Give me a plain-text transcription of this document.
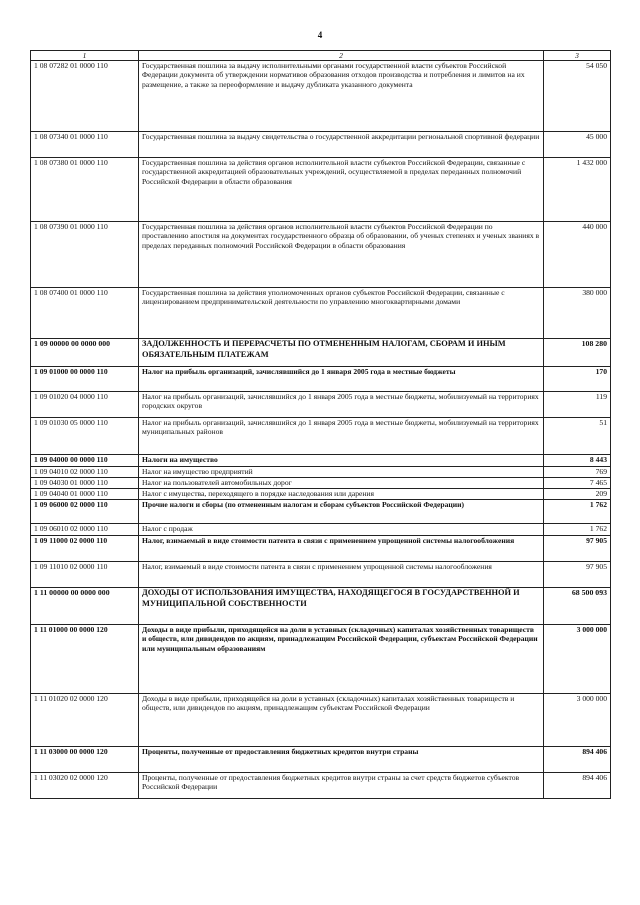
4
1	2	3
1 08 07282 01 0000 110	Государственная пошлина за выдачу исполнительными органами государственной власти субъектов Российской Федерации документа об утверждении нормативов образования отходов производства и потребления и лимитов на их размещение, а также за переоформление и выдачу дубликата указанного документа	54 050
1 08 07340 01 0000 110	Государственная пошлина за выдачу свидетельства о государственной аккредитации региональной спортивной федерации	45 000
1 08 07380 01 0000 110	Государственная пошлина за действия органов исполнительной власти субъектов Российской Федерации, связанные с государственной аккредитацией образовательных учреждений, осуществляемой в пределах переданных полномочий Российской Федерации в области образования	1 432 000
1 08 07390 01 0000 110	Государственная пошлина за действия органов исполнительной власти субъектов Российской Федерации по проставлению апостиля на документах государственного образца об образовании, об ученых степенях и ученых званиях в пределах переданных полномочий Российской Федерации в области образования	440 000
1 08 07400 01 0000 110	Государственная пошлина за действия уполномоченных органов субъектов Российской Федерации, связанные с лицензированием предпринимательской деятельности по управлению многоквартирными домами	380 000
1 09 00000 00 0000 000	ЗАДОЛЖЕННОСТЬ И ПЕРЕРАСЧЕТЫ ПО ОТМЕНЕННЫМ НАЛОГАМ, СБОРАМ И ИНЫМ ОБЯЗАТЕЛЬНЫМ ПЛАТЕЖАМ	108 280
1 09 01000 00 0000 110	Налог на прибыль организаций, зачислявшийся до 1 января 2005 года в местные бюджеты	170
1 09 01020 04 0000 110	Налог на прибыль организаций, зачислявшийся до 1 января 2005 года в местные бюджеты, мобилизуемый на территориях городских округов	119
1 09 01030 05 0000 110	Налог на прибыль организаций, зачислявшийся до 1 января 2005 года в местные бюджеты, мобилизуемый на территориях муниципальных районов	51
1 09 04000 00 0000 110	Налоги на имущество	8 443
1 09 04010 02 0000 110	Налог на имущество предприятий	769
1 09 04030 01 0000 110	Налог на пользователей автомобильных дорог	7 465
1 09 04040 01 0000 110	Налог с имущества, переходящего в порядке наследования или дарения	209
1 09 06000 02 0000 110	Прочие налоги и сборы (по отмененным налогам и сборам субъектов Российской Федерации)	1 762
1 09 06010 02 0000 110	Налог с продаж	1 762
1 09 11000 02 0000 110	Налог, взимаемый в виде стоимости патента в связи с применением упрощенной системы налогообложения	97 905
1 09 11010 02 0000 110	Налог, взимаемый в виде стоимости патента в связи с применением упрощенной системы налогообложения	97 905
1 11 00000 00 0000 000	ДОХОДЫ ОТ ИСПОЛЬЗОВАНИЯ ИМУЩЕСТВА, НАХОДЯЩЕГОСЯ В ГОСУДАРСТВЕННОЙ И МУНИЦИПАЛЬНОЙ СОБСТВЕННОСТИ	68 500 093
1 11 01000 00 0000 120	Доходы в виде прибыли, приходящейся на доли в уставных (складочных) капиталах хозяйственных товариществ и обществ, или дивидендов по акциям, принадлежащим Российской Федерации, субъектам Российской Федерации или муниципальным образованиям	3 000 000
1 11 01020 02 0000 120	Доходы в виде прибыли, приходящейся на доли в уставных (складочных) капиталах хозяйственных товариществ и обществ, или дивидендов по акциям, принадлежащим субъектам Российской Федерации	3 000 000
1 11 03000 00 0000 120	Проценты, полученные от предоставления бюджетных кредитов внутри страны	894 406
1 11 03020 02 0000 120	Проценты, полученные от предоставления бюджетных кредитов внутри страны за счет средств бюджетов субъектов Российской Федерации	894 406
